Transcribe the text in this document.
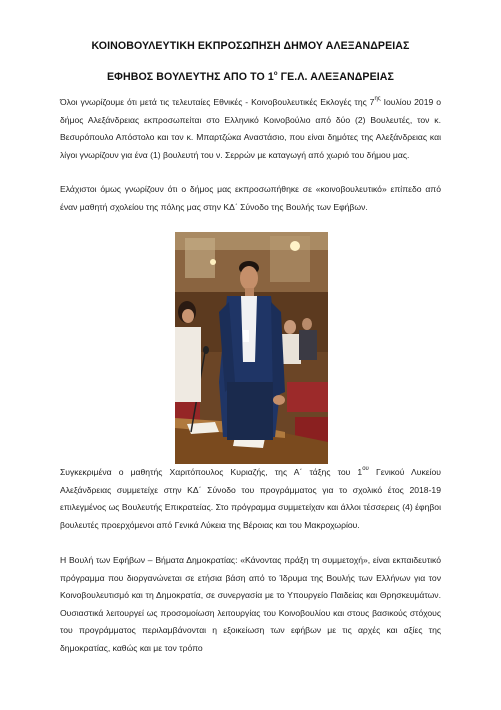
ΚΟΙΝΟΒΟΥΛΕΥΤΙΚΗ ΕΚΠΡΟΣΩΠΗΣΗ ΔΗΜΟΥ ΑΛΕΞΑΝΔΡΕΙΑΣ

ΕΦΗΒΟΣ ΒΟΥΛΕΥΤΗΣ ΑΠΟ ΤΟ $1^o$ ΓΕ.Λ. ΑΛΕΞΑΝΔΡΕΙΑΣ

Όλοι γνωρίζουμε ότι μετά τις τελευταίες Εθνικές - Κοινοβουλευτικές Εκλογές της $7^{\eta\varsigma}$ Ιουλίου 2019 ο δήμος Αλεξάνδρειας εκπροσωπείται στο Ελληνικό Κοινοβούλιο από δύο (2) Βουλευτές, τον κ. Βεσυρόπουλο Απόστολο και τον κ. Μπαρτζώκα Αναστάσιο, που είναι δημότες της Αλεξάνδρειας και λίγοι γνωρίζουν για ένα (1) βουλευτή του ν. Σερρών με καταγωγή από χωριό του δήμου μας.

Ελάχιστοι όμως γνωρίζουν ότι ο δήμος μας εκπροσωπήθηκε σε «κοινοβουλευτικό» επίπεδο από έναν μαθητή σχολείου της πόλης μας στην ΚΔ΄ Σύνοδο της Βουλής των Εφήβων.

Συγκεκριμένα ο μαθητής Χαριτόπουλος Κυριαζής, της Α΄ τάξης του $1^{o\upsilon}$ Γενικού Λυκείου Αλεξάνδρειας συμμετείχε στην ΚΔ΄ Σύνοδο του προγράμματος για το σχολικό έτος 2018-19 επιλεγμένος ως Βουλευτής Επικρατείας. Στο πρόγραμμα συμμετείχαν και άλλοι τέσσερεις (4) έφηβοι βουλευτές προερχόμενοι από Γενικά Λύκεια της Βέροιας και του Μακροχωρίου.

Η Βουλή των Εφήβων – Βήματα Δημοκρατίας: «Κάνοντας πράξη τη συμμετοχή», είναι εκπαιδευτικό πρόγραμμα που διοργανώνεται σε ετήσια βάση από το Ίδρυμα της Βουλής των Ελλήνων για τον Κοινοβουλευτισμό και τη Δημοκρατία, σε συνεργασία με το Υπουργείο Παιδείας και Θρησκευμάτων. Ουσιαστικά λειτουργεί ως προσομοίωση λειτουργίας του Κοινοβουλίου και στους βασικούς στόχους του προγράμματος περιλαμβάνονται η εξοικείωση των εφήβων με τις αρχές και αξίες της δημοκρατίας, καθώς και με τον τρόπο
